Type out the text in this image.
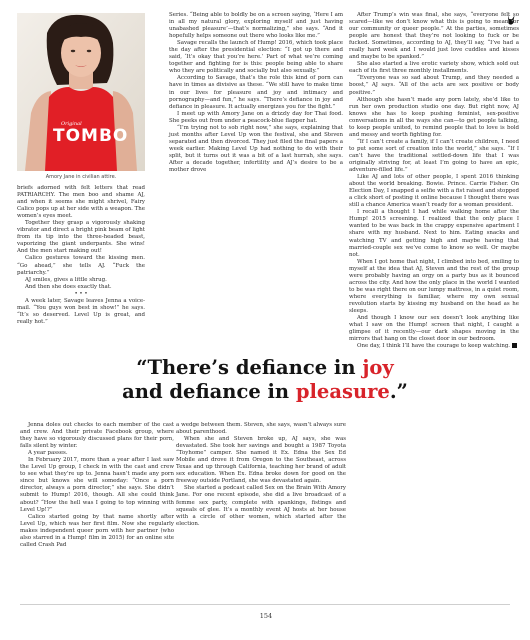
Original
TOMBO
Amory Jane in civilian attire.

briefs adorned with felt letters that read PATRIARCHY. The men boo and shame AJ, and when it seems she might shrivel, Fairy Calico pops up at her side with a weapon. The women’s eyes meet.

Together they grasp a vigorously shaking vibrator and direct a bright pink beam of light from its tip into the three-headed beast, vaporizing the giant underpants. She wins! And the men start making out!

Calico gestures toward the kissing men. “Go ahead,” she tells AJ. “Fuck the patriarchy.”

AJ smiles, gives a little shrug.

And then she does exactly that.

• • •

A week later, Savage leaves Jenna a voice-mail. “You guys won best in show!” he says. “It’s so deserved. Level Up is great, and really hot.”

Series. “Being able to boldly be on a screen saying, ‘Here I am in all my natural glory, exploring myself and just having unabashed pleasure’—that’s normalizing,” she says. “And it hopefully helps someone out there who looks like me.”

Savage recalls the launch of Hump! 2016, which took place the day after the presidential election: “I got up there and said, ‘It’s okay that you’re here.’ Part of what we’re coming together and fighting for is this: people being able to share who they are politically and socially but also sexually.”

According to Savage, that’s the role this kind of porn can have in times as divisive as these. “We still have to make time in our lives for pleasure and joy and intimacy and pornography—and fun,” he says. “There’s defiance in joy and defiance in pleasure. It actually energizes you for the fight.”

I meet up with Amory Jane on a drizzly day for Thai food. She peeks out from under a peacock-blue flapper hat.

“I’m trying not to sob right now,” she says, explaining that just months after Level Up won the festival, she and Steven separated and then divorced. They just filed the final papers a week earlier. Making Level Up had nothing to do with their split, but it turns out it was a bit of a last hurrah, she says. After a decade together, infertility and AJ’s desire to be a mother drove

After Trump’s win was final, she says, “everyone felt so scared—like we don’t know what this is going to mean for our community or queer people.” At the parties, sometimes people are honest that they’re not looking to fuck or be fucked. Sometimes, according to AJ, they’ll say, “I’ve had a really hard week and I would just love cuddles and kisses and maybe to be spanked.”

She also started a live erotic variety show, which sold out each of its first three monthly installments.

“Everyone was so sad about Trump, and they needed a boost,” AJ says. “All of the acts are sex positive or body positive.”

Although she hasn’t made any porn lately, she’d like to run her own production studio one day. But right now, AJ knows she has to keep pushing feminist, sex-positive conversations in all the ways she can—to get people talking, to keep people united, to remind people that to love is bold and messy and worth fighting for.

“If I can’t create a family, if I can’t create children, I need to put some sort of creation into the world,” she says. “If I can’t have the traditional settled-down life that I was originally striving for, at least I’m going to have an epic, adventure-filled life.”

Like AJ and lots of other people, I spent 2016 thinking about the world breaking. Bowie. Prince. Carrie Fisher. On Election Day, I snapped a selfie with a fist raised and stopped a click short of posting it online because I thought there was still a chance America wasn’t ready for a woman president.

I recall a thought I had while walking home after the Hump! 2015 screening. I realized that the only place I wanted to be was back in the crappy expensive apartment I share with my husband. Next to him. Eating snacks and watching TV and getting high and maybe having that married-couple sex we’ve come to know so well. Or maybe not.

When I got home that night, I climbed into bed, smiling to myself at the idea that AJ, Steven and the rest of the group were probably having an orgy on a party bus as it bounced across the city. And how the only place in the world I wanted to be was right there on our lumpy mattress, in a quiet room, where everything is familiar, where my own sexual revolution starts by kissing my husband on the head as he sleeps.

And though I know our sex doesn’t look anything like what I saw on the Hump! screen that night, I caught a glimpse of it recently—our dark shapes moving in the mirrors that hang on the closet door in our bedroom.

One day, I think I’ll have the courage to keep watching.

“There’s defiance in joy
and defiance in pleasure.”

Jenna doles out checks to each member of the cast and crew. And their private Facebook group, where they have so vigorously discussed plans for their porn, falls silent by winter.

A year passes.

In February 2017, more than a year after I last saw the Level Up group, I check in with the cast and crew to see what they’re up to. Jenna hasn’t made any porn since but knows she will someday: “Once a porn director, always a porn director,” she says. She didn’t submit to Hump! 2016, though. All she could think about? “How the hell was I going to top winning with Level Up!?”

Calico started going by that name shortly after Level Up, which was her first film. Now she regularly makes independent queer porn with her partner (who also starred in a Hump! film in 2015) for an online site called Crash Pad

a wedge between them. Steven, she says, wasn’t always sure about parenthood.

When she and Steven broke up, AJ says, she was devastated. She took her savings and bought a 1987 Toyota “Toyhome” camper. She named it Ex. Edna the Sex Ed Mobile and drove it from Oregon to the Southeast, across Texas and up through California, teaching her brand of adult sex education. When Ex. Edna broke down for good on the freeway outside Portland, she was devastated again.

She started a podcast called Sex on the Brain With Amory Jane. For one recent episode, she did a live broadcast of a femme sex party, complete with spankings, fistings and squeals of glee. It’s a monthly event AJ hosts at her house with a circle of other women, which started after the election.

154
